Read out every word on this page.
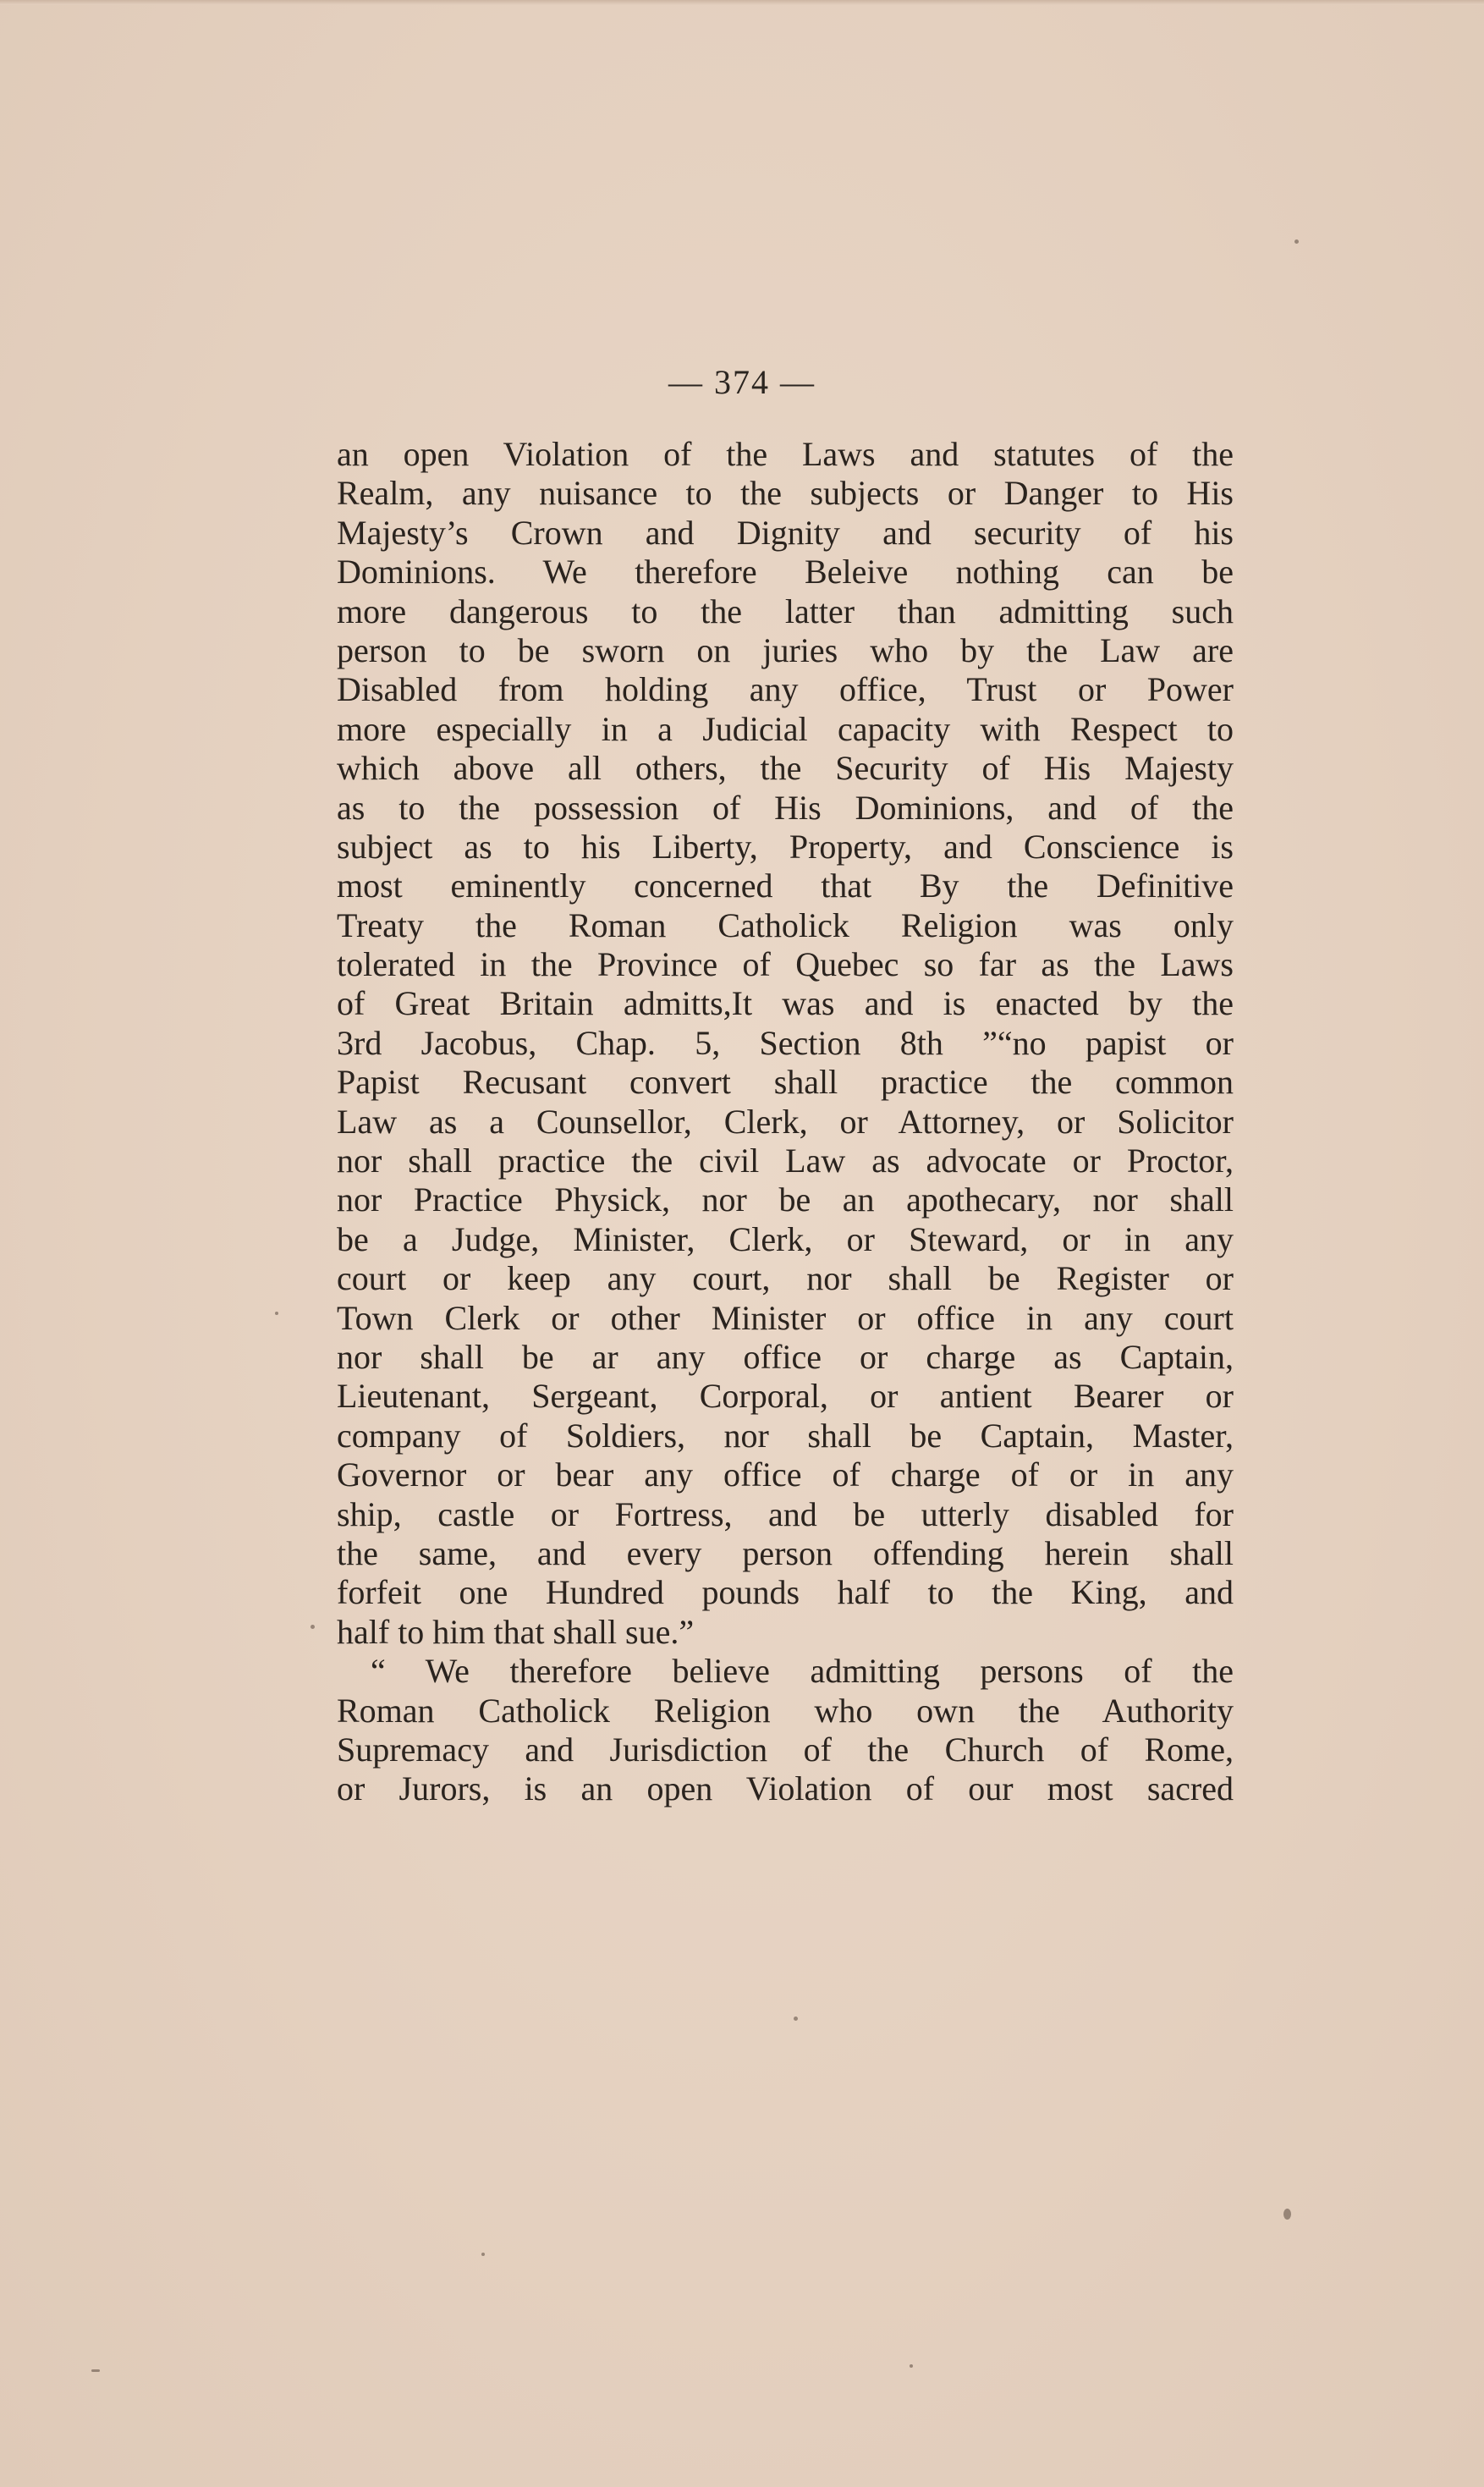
— 374 —
an open Violation of the Laws and statutes of the
Realm, any nuisance to the subjects or Danger to His
Majesty’s Crown and Dignity and security of his
Dominions. We therefore Beleive nothing can be
more dangerous to the latter than admitting such
person to be sworn on juries who by the Law are
Disabled from holding any office, Trust or Power
more especially in a Judicial capacity with Respect to
which above all others, the Security of His Majesty
as to the possession of His Dominions, and of the
subject as to his Liberty, Property, and Conscience is
most eminently concerned that By the Definitive
Treaty the Roman Catholick Religion was only
tolerated in the Province of Quebec so far as the Laws
of Great Britain admitts,It was and is enacted by the
3rd Jacobus, Chap. 5, Section 8th ”“no papist or
Papist Recusant convert shall practice the common
Law as a Counsellor, Clerk, or Attorney, or Solicitor
nor shall practice the civil Law as advocate or Proctor,
nor Practice Physick, nor be an apothecary, nor shall
be a Judge, Minister, Clerk, or Steward, or in any
court or keep any court, nor shall be Register or
Town Clerk or other Minister or office in any court
nor shall be ar any office or charge as Captain,
Lieutenant, Sergeant, Corporal, or antient Bearer or
company of Soldiers, nor shall be Captain, Master,
Governor or bear any office of charge of or in any
ship, castle or Fortress, and be utterly disabled for
the same, and every person offending herein shall
forfeit one Hundred pounds half to the King, and
half to him that shall sue.”
“ We therefore believe admitting persons of the
Roman Catholick Religion who own the Authority
Supremacy and Jurisdiction of the Church of Rome,
or Jurors, is an open Violation of our most sacred
